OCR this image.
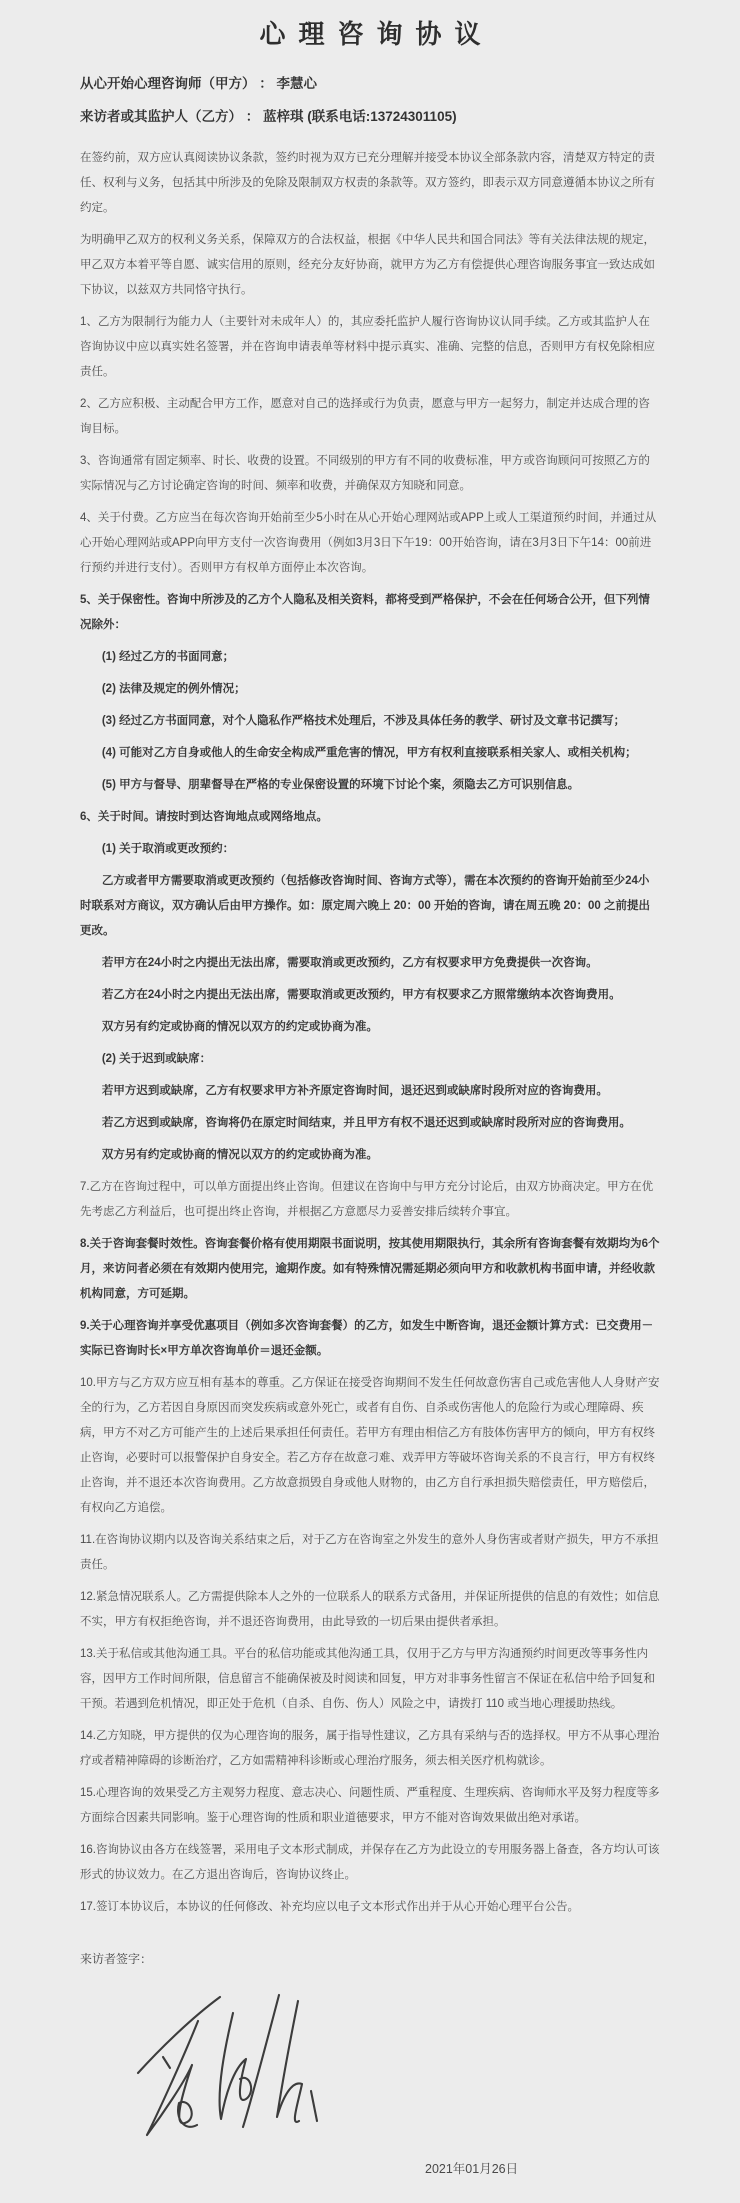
心理咨询协议

从心开始心理咨询师（甲方） ： 李慧心

来访者或其监护人（乙方） ： 蓝梓琪 (联系电话:13724301105)

在签约前，双方应认真阅读协议条款，签约时视为双方已充分理解并接受本协议全部条款内容，清楚双方特定的责任、权利与义务，包括其中所涉及的免除及限制双方权责的条款等。双方签约，即表示双方同意遵循本协议之所有约定。

为明确甲乙双方的权利义务关系，保障双方的合法权益，根据《中华人民共和国合同法》等有关法律法规的规定，甲乙双方本着平等自愿、诚实信用的原则，经充分友好协商，就甲方为乙方有偿提供心理咨询服务事宜一致达成如下协议，以兹双方共同恪守执行。

1、乙方为限制行为能力人（主要针对未成年人）的，其应委托监护人履行咨询协议认同手续。乙方或其监护人在咨询协议中应以真实姓名签署，并在咨询申请表单等材料中提示真实、准确、完整的信息，否则甲方有权免除相应责任。

2、乙方应积极、主动配合甲方工作，愿意对自己的选择或行为负责，愿意与甲方一起努力，制定并达成合理的咨询目标。

3、咨询通常有固定频率、时长、收费的设置。不同级别的甲方有不同的收费标准，甲方或咨询顾问可按照乙方的实际情况与乙方讨论确定咨询的时间、频率和收费，并确保双方知晓和同意。

4、关于付费。乙方应当在每次咨询开始前至少5小时在从心开始心理网站或APP上或人工渠道预约时间，并通过从心开始心理网站或APP向甲方支付一次咨询费用（例如3月3日下午19：00开始咨询，请在3月3日下午14：00前进行预约并进行支付）。否则甲方有权单方面停止本次咨询。

5、关于保密性。咨询中所涉及的乙方个人隐私及相关资料，都将受到严格保护，不会在任何场合公开，但下列情况除外：

(1) 经过乙方的书面同意；

(2) 法律及规定的例外情况；

(3) 经过乙方书面同意，对个人隐私作严格技术处理后，不涉及具体任务的教学、研讨及文章书记撰写；

(4) 可能对乙方自身或他人的生命安全构成严重危害的情况，甲方有权利直接联系相关家人、或相关机构；

(5) 甲方与督导、朋辈督导在严格的专业保密设置的环境下讨论个案，须隐去乙方可识别信息。

6、关于时间。请按时到达咨询地点或网络地点。

(1) 关于取消或更改预约：

乙方或者甲方需要取消或更改预约（包括修改咨询时间、咨询方式等），需在本次预约的咨询开始前至少24小时联系对方商议，双方确认后由甲方操作。如：原定周六晚上 20：00 开始的咨询，请在周五晚 20：00 之前提出更改。

若甲方在24小时之内提出无法出席，需要取消或更改预约，乙方有权要求甲方免费提供一次咨询。

若乙方在24小时之内提出无法出席，需要取消或更改预约，甲方有权要求乙方照常缴纳本次咨询费用。

双方另有约定或协商的情况以双方的约定或协商为准。

(2) 关于迟到或缺席：

若甲方迟到或缺席，乙方有权要求甲方补齐原定咨询时间，退还迟到或缺席时段所对应的咨询费用。

若乙方迟到或缺席，咨询将仍在原定时间结束，并且甲方有权不退还迟到或缺席时段所对应的咨询费用。

双方另有约定或协商的情况以双方的约定或协商为准。

7.乙方在咨询过程中，可以单方面提出终止咨询。但建议在咨询中与甲方充分讨论后，由双方协商决定。甲方在优先考虑乙方利益后，也可提出终止咨询，并根据乙方意愿尽力妥善安排后续转介事宜。

8.关于咨询套餐时效性。咨询套餐价格有使用期限书面说明，按其使用期限执行，其余所有咨询套餐有效期均为6个月，来访问者必须在有效期内使用完，逾期作废。如有特殊情况需延期必须向甲方和收款机构书面申请，并经收款机构同意，方可延期。

9.关于心理咨询并享受优惠项目（例如多次咨询套餐）的乙方，如发生中断咨询，退还金额计算方式：已交费用－实际已咨询时长×甲方单次咨询单价＝退还金额。

10.甲方与乙方双方应互相有基本的尊重。乙方保证在接受咨询期间不发生任何故意伤害自己或危害他人人身财产安全的行为，乙方若因自身原因而突发疾病或意外死亡，或者有自伤、自杀或伤害他人的危险行为或心理障碍、疾病，甲方不对乙方可能产生的上述后果承担任何责任。若甲方有理由相信乙方有肢体伤害甲方的倾向，甲方有权终止咨询，必要时可以报警保护自身安全。若乙方存在故意刁难、戏弄甲方等破坏咨询关系的不良言行，甲方有权终止咨询，并不退还本次咨询费用。乙方故意损毁自身或他人财物的，由乙方自行承担损失赔偿责任，甲方赔偿后，有权向乙方追偿。

11.在咨询协议期内以及咨询关系结束之后，对于乙方在咨询室之外发生的意外人身伤害或者财产损失，甲方不承担责任。

12.紧急情况联系人。乙方需提供除本人之外的一位联系人的联系方式备用，并保证所提供的信息的有效性；如信息不实，甲方有权拒绝咨询，并不退还咨询费用，由此导致的一切后果由提供者承担。

13.关于私信或其他沟通工具。平台的私信功能或其他沟通工具，仅用于乙方与甲方沟通预约时间更改等事务性内容，因甲方工作时间所限，信息留言不能确保被及时阅读和回复，甲方对非事务性留言不保证在私信中给予回复和干预。若遇到危机情况，即正处于危机（自杀、自伤、伤人）风险之中，请拨打 110 或当地心理援助热线。

14.乙方知晓，甲方提供的仅为心理咨询的服务，属于指导性建议，乙方具有采纳与否的选择权。甲方不从事心理治疗或者精神障碍的诊断治疗，乙方如需精神科诊断或心理治疗服务，须去相关医疗机构就诊。

15.心理咨询的效果受乙方主观努力程度、意志决心、问题性质、严重程度、生理疾病、咨询师水平及努力程度等多方面综合因素共同影响。鉴于心理咨询的性质和职业道德要求，甲方不能对咨询效果做出绝对承诺。

16.咨询协议由各方在线签署，采用电子文本形式制成，并保存在乙方为此设立的专用服务器上备查，各方均认可该形式的协议效力。在乙方退出咨询后，咨询协议终止。

17.签订本协议后，本协议的任何修改、补充均应以电子文本形式作出并于从心开始心理平台公告。

来访者签字：

2021年01月26日
